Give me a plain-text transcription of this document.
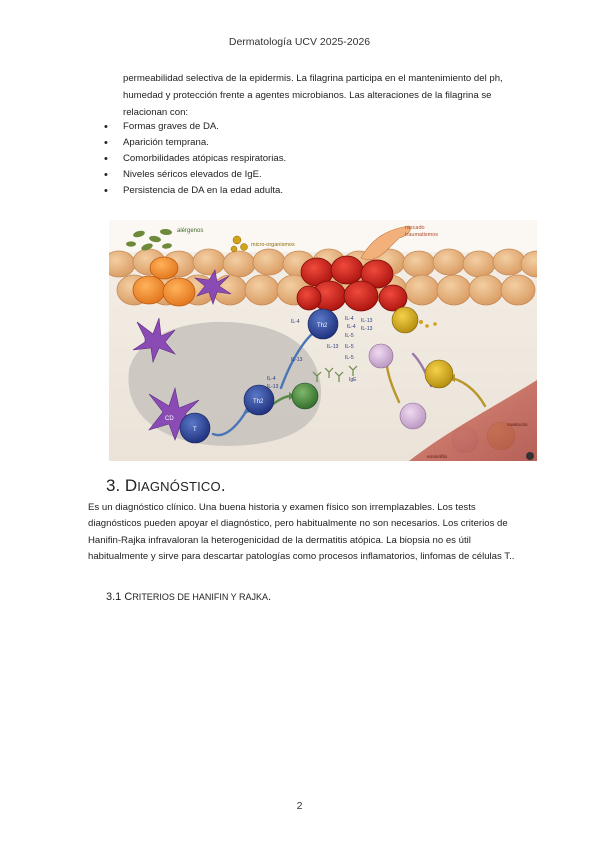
Dermatología UCV 2025-2026
permeabilidad selectiva de la epidermis. La filagrina participa en el mantenimiento del ph, humedad y protección frente a agentes microbianos. Las alteraciones de la filagrina se relacionan con:
• Formas graves de DA.
• Aparición temprana.
• Comorbilidades atópicas respiratorias.
• Niveles séricos elevados de IgE.
• Persistencia de DA en la edad adulta.
alérgenos
micro-organismos
rascado
traumatismos
CD
T
Th2
Th2
IL-4	IL-4 IL-13
IL-4 IL-13
IL-5
IL-13 IL-5
IL-13	IL-5
IL-4
IL-13
IgE
mastocito
eosinófilo
3. DIAGNÓSTICO.
Es un diagnóstico clínico. Una buena historia y examen físico son irremplazables. Los tests diagnósticos pueden apoyar el diagnóstico, pero habitualmente no son necesarios. Los criterios de Hanifin-Rajka infravaloran la heterogenicidad de la dermatitis atópica. La biopsia no es útil habitualmente y sirve para descartar patologías como procesos inflamatorios, linfomas de células T..
3.1 CRITERIOS DE HANIFIN Y RAJKA.
2
